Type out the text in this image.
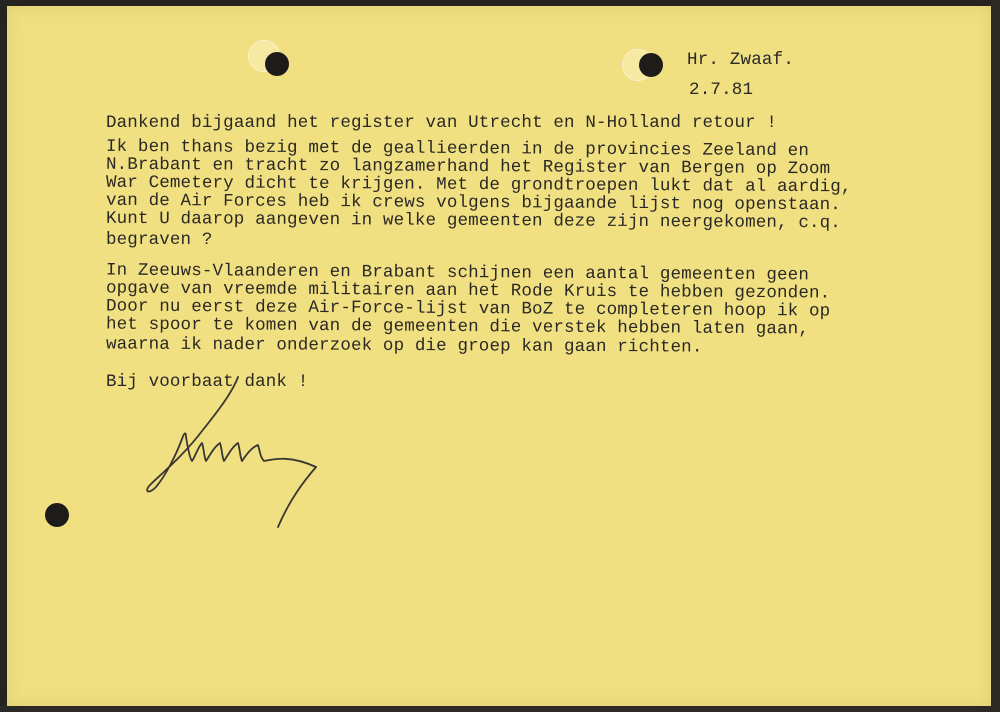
Hr. Zwaaf.
2.7.81
Dankend bijgaand het register van Utrecht en N-Holland retour !
Ik ben thans bezig met de geallieerden in de provincies Zeeland en
N.Brabant en tracht zo langzamerhand het Register van Bergen op Zoom
War Cemetery dicht te krijgen. Met de grondtroepen lukt dat al aardig,
van de Air Forces heb ik crews volgens bijgaande lijst nog openstaan.
Kunt U daarop aangeven in welke gemeenten deze zijn neergekomen, c.q.
begraven ?
In Zeeuws-Vlaanderen en Brabant schijnen een aantal gemeenten geen
opgave van vreemde militairen aan het Rode Kruis te hebben gezonden.
Door nu eerst deze Air-Force-lijst van BoZ te completeren hoop ik op
het spoor te komen van de gemeenten die verstek hebben laten gaan,
waarna ik nader onderzoek op die groep kan gaan richten.
Bij voorbaat dank !
